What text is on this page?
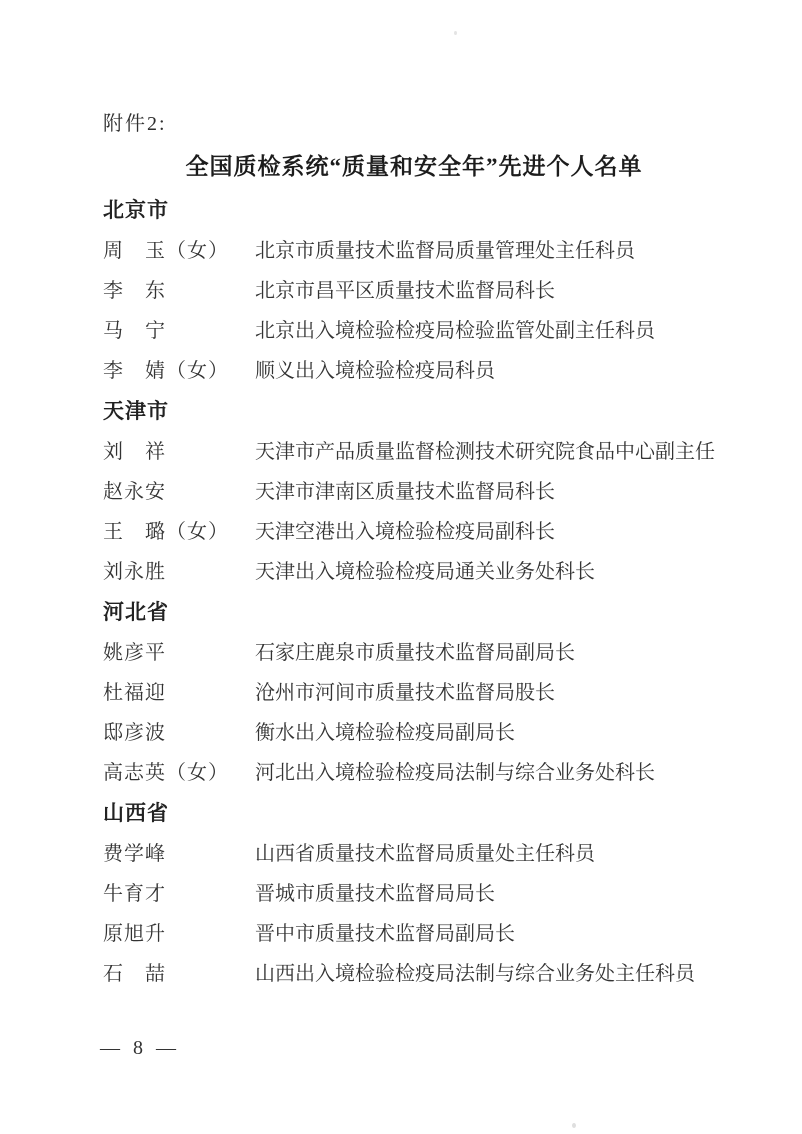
附件2:
全国质检系统“质量和安全年”先进个人名单
北京市
周　玉（女）	北京市质量技术监督局质量管理处主任科员
李　东	北京市昌平区质量技术监督局科长
马　宁	北京出入境检验检疫局检验监管处副主任科员
李　婧（女）	顺义出入境检验检疫局科员
天津市
刘　祥	天津市产品质量监督检测技术研究院食品中心副主任
赵永安	天津市津南区质量技术监督局科长
王　璐（女）	天津空港出入境检验检疫局副科长
刘永胜	天津出入境检验检疫局通关业务处科长
河北省
姚彦平	石家庄鹿泉市质量技术监督局副局长
杜福迎	沧州市河间市质量技术监督局股长
邸彦波	衡水出入境检验检疫局副局长
高志英（女）	河北出入境检验检疫局法制与综合业务处科长
山西省
费学峰	山西省质量技术监督局质量处主任科员
牛育才	晋城市质量技术监督局局长
原旭升	晋中市质量技术监督局副局长
石　喆	山西出入境检验检疫局法制与综合业务处主任科员
— 8 —
